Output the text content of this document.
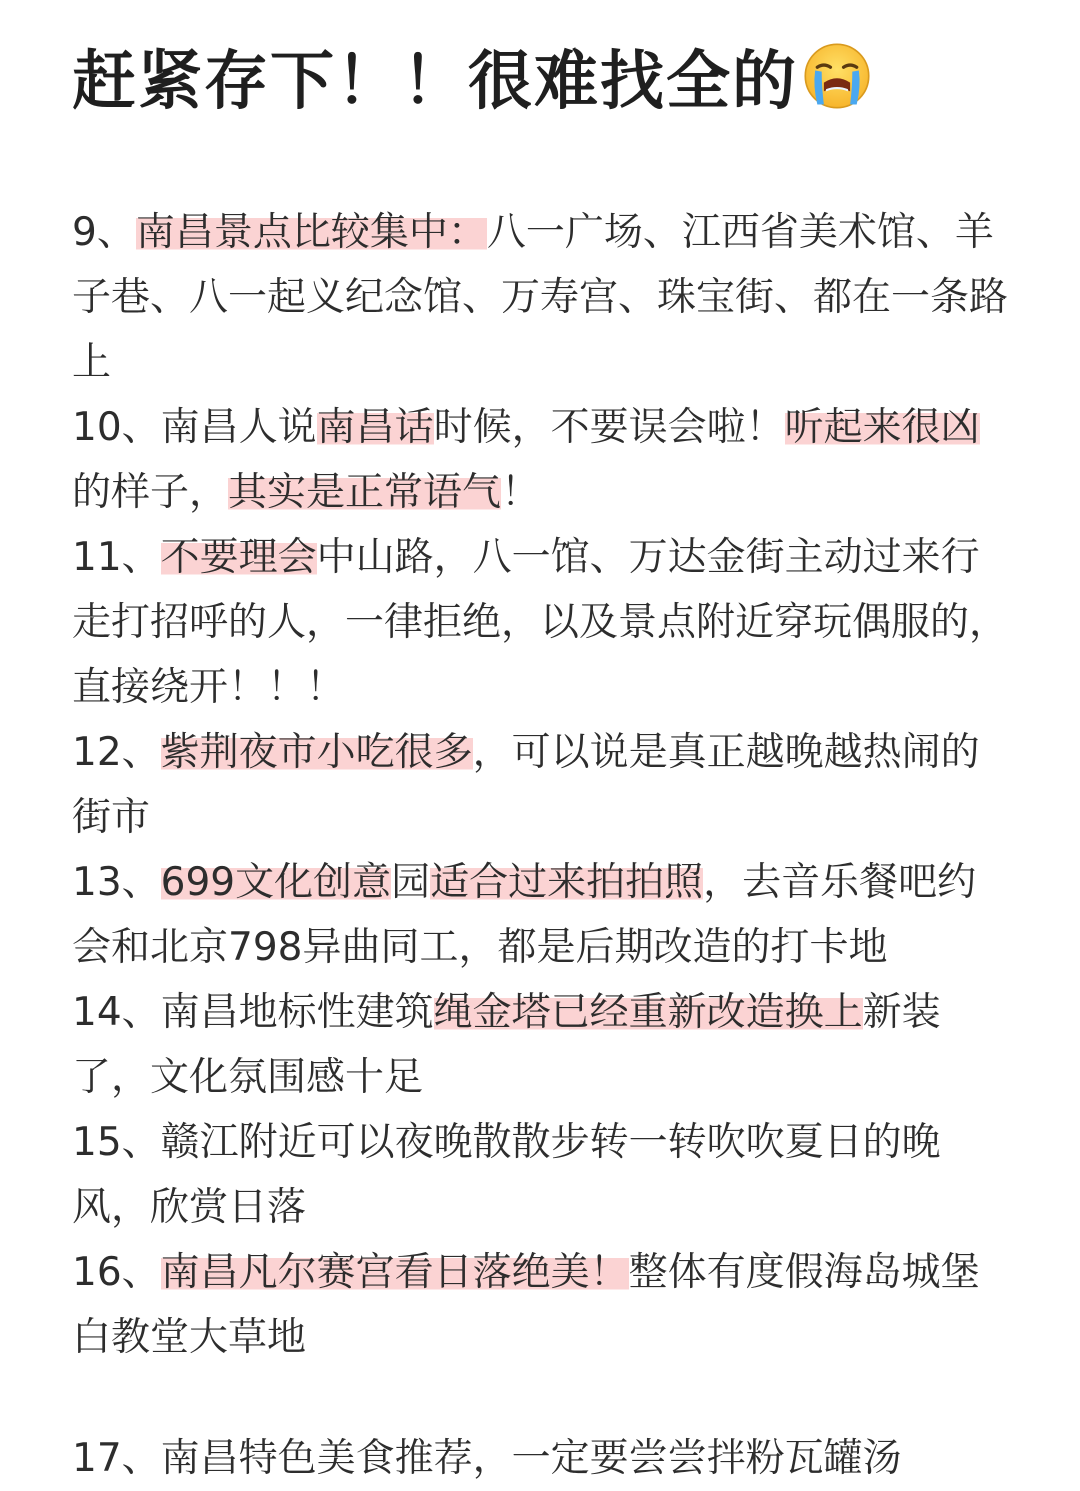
赶紧存下！！很难找全的

9、南昌景点比较集中：八一广场、江西省美术馆、羊子巷、八一起义纪念馆、万寿宫、珠宝街、都在一条路上

10、南昌人说南昌话时候，不要误会啦！听起来很凶的样子，其实是正常语气！

11、不要理会中山路，八一馆、万达金街主动过来行走打招呼的人，一律拒绝，以及景点附近穿玩偶服的，直接绕开！！！

12、紫荆夜市小吃很多，可以说是真正越晚越热闹的街市

13、699文化创意园适合过来拍拍照，去音乐餐吧约会和北京798异曲同工，都是后期改造的打卡地

14、南昌地标性建筑绳金塔已经重新改造换上新装了，文化氛围感十足

15、赣江附近可以夜晚散散步转一转吹吹夏日的晚风，欣赏日落

16、南昌凡尔赛宫看日落绝美！整体有度假海岛城堡白教堂大草地

17、南昌特色美食推荐，一定要尝尝拌粉瓦罐汤
